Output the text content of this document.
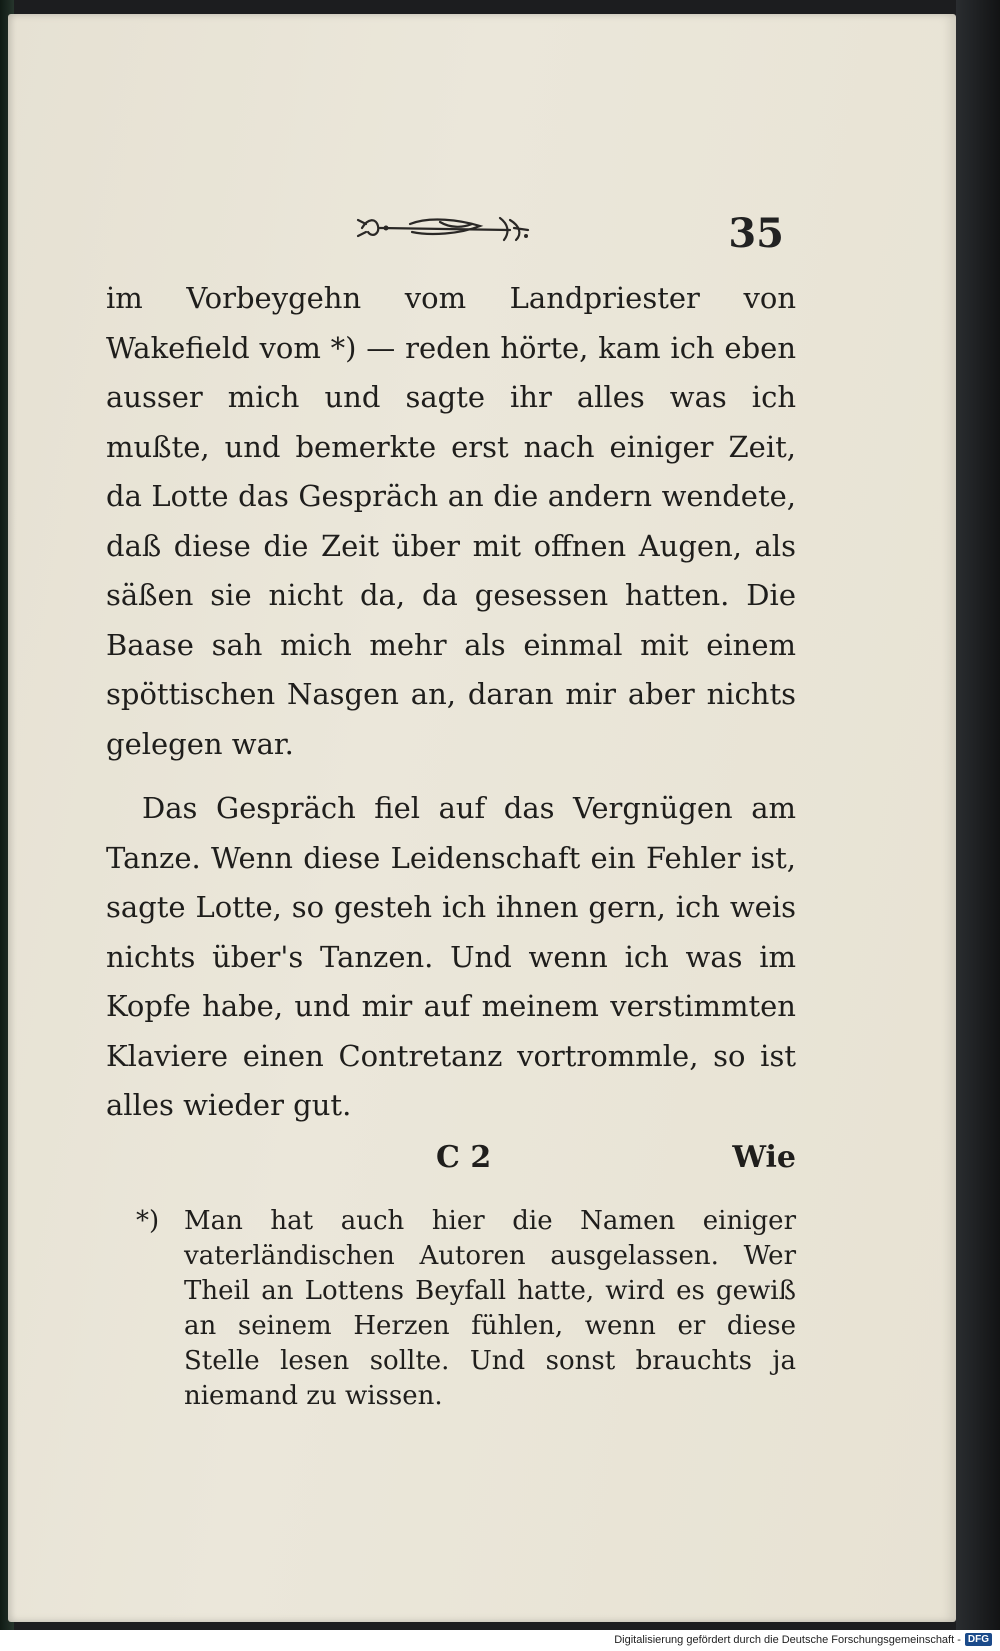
35
im Vorbeygehn vom Landpriester von Wakefield vom *) — reden hörte, kam ich eben ausser mich und sagte ihr alles was ich mußte, und bemerkte erst nach einiger Zeit, da Lotte das Gespräch an die andern wendete, daß diese die Zeit über mit offnen Augen, als säßen sie nicht da, da gesessen hatten. Die Baase sah mich mehr als einmal mit einem spöttischen Nasgen an, daran mir aber nichts gelegen war.
Das Gespräch fiel auf das Vergnügen am Tanze. Wenn diese Leidenschaft ein Fehler ist, sagte Lotte, so gesteh ich ihnen gern, ich weis nichts über's Tanzen. Und wenn ich was im Kopfe habe, und mir auf meinem verstimmten Klaviere einen Contretanz vortrommle, so ist alles wieder gut.
C 2	Wie
*) Man hat auch hier die Namen einiger vaterländischen Autoren ausgelassen. Wer Theil an Lottens Beyfall hatte, wird es gewiß an seinem Herzen fühlen, wenn er diese Stelle lesen sollte. Und sonst brauchts ja niemand zu wissen.
Digitalisierung gefördert durch die Deutsche Forschungsgemeinschaft - DFG
